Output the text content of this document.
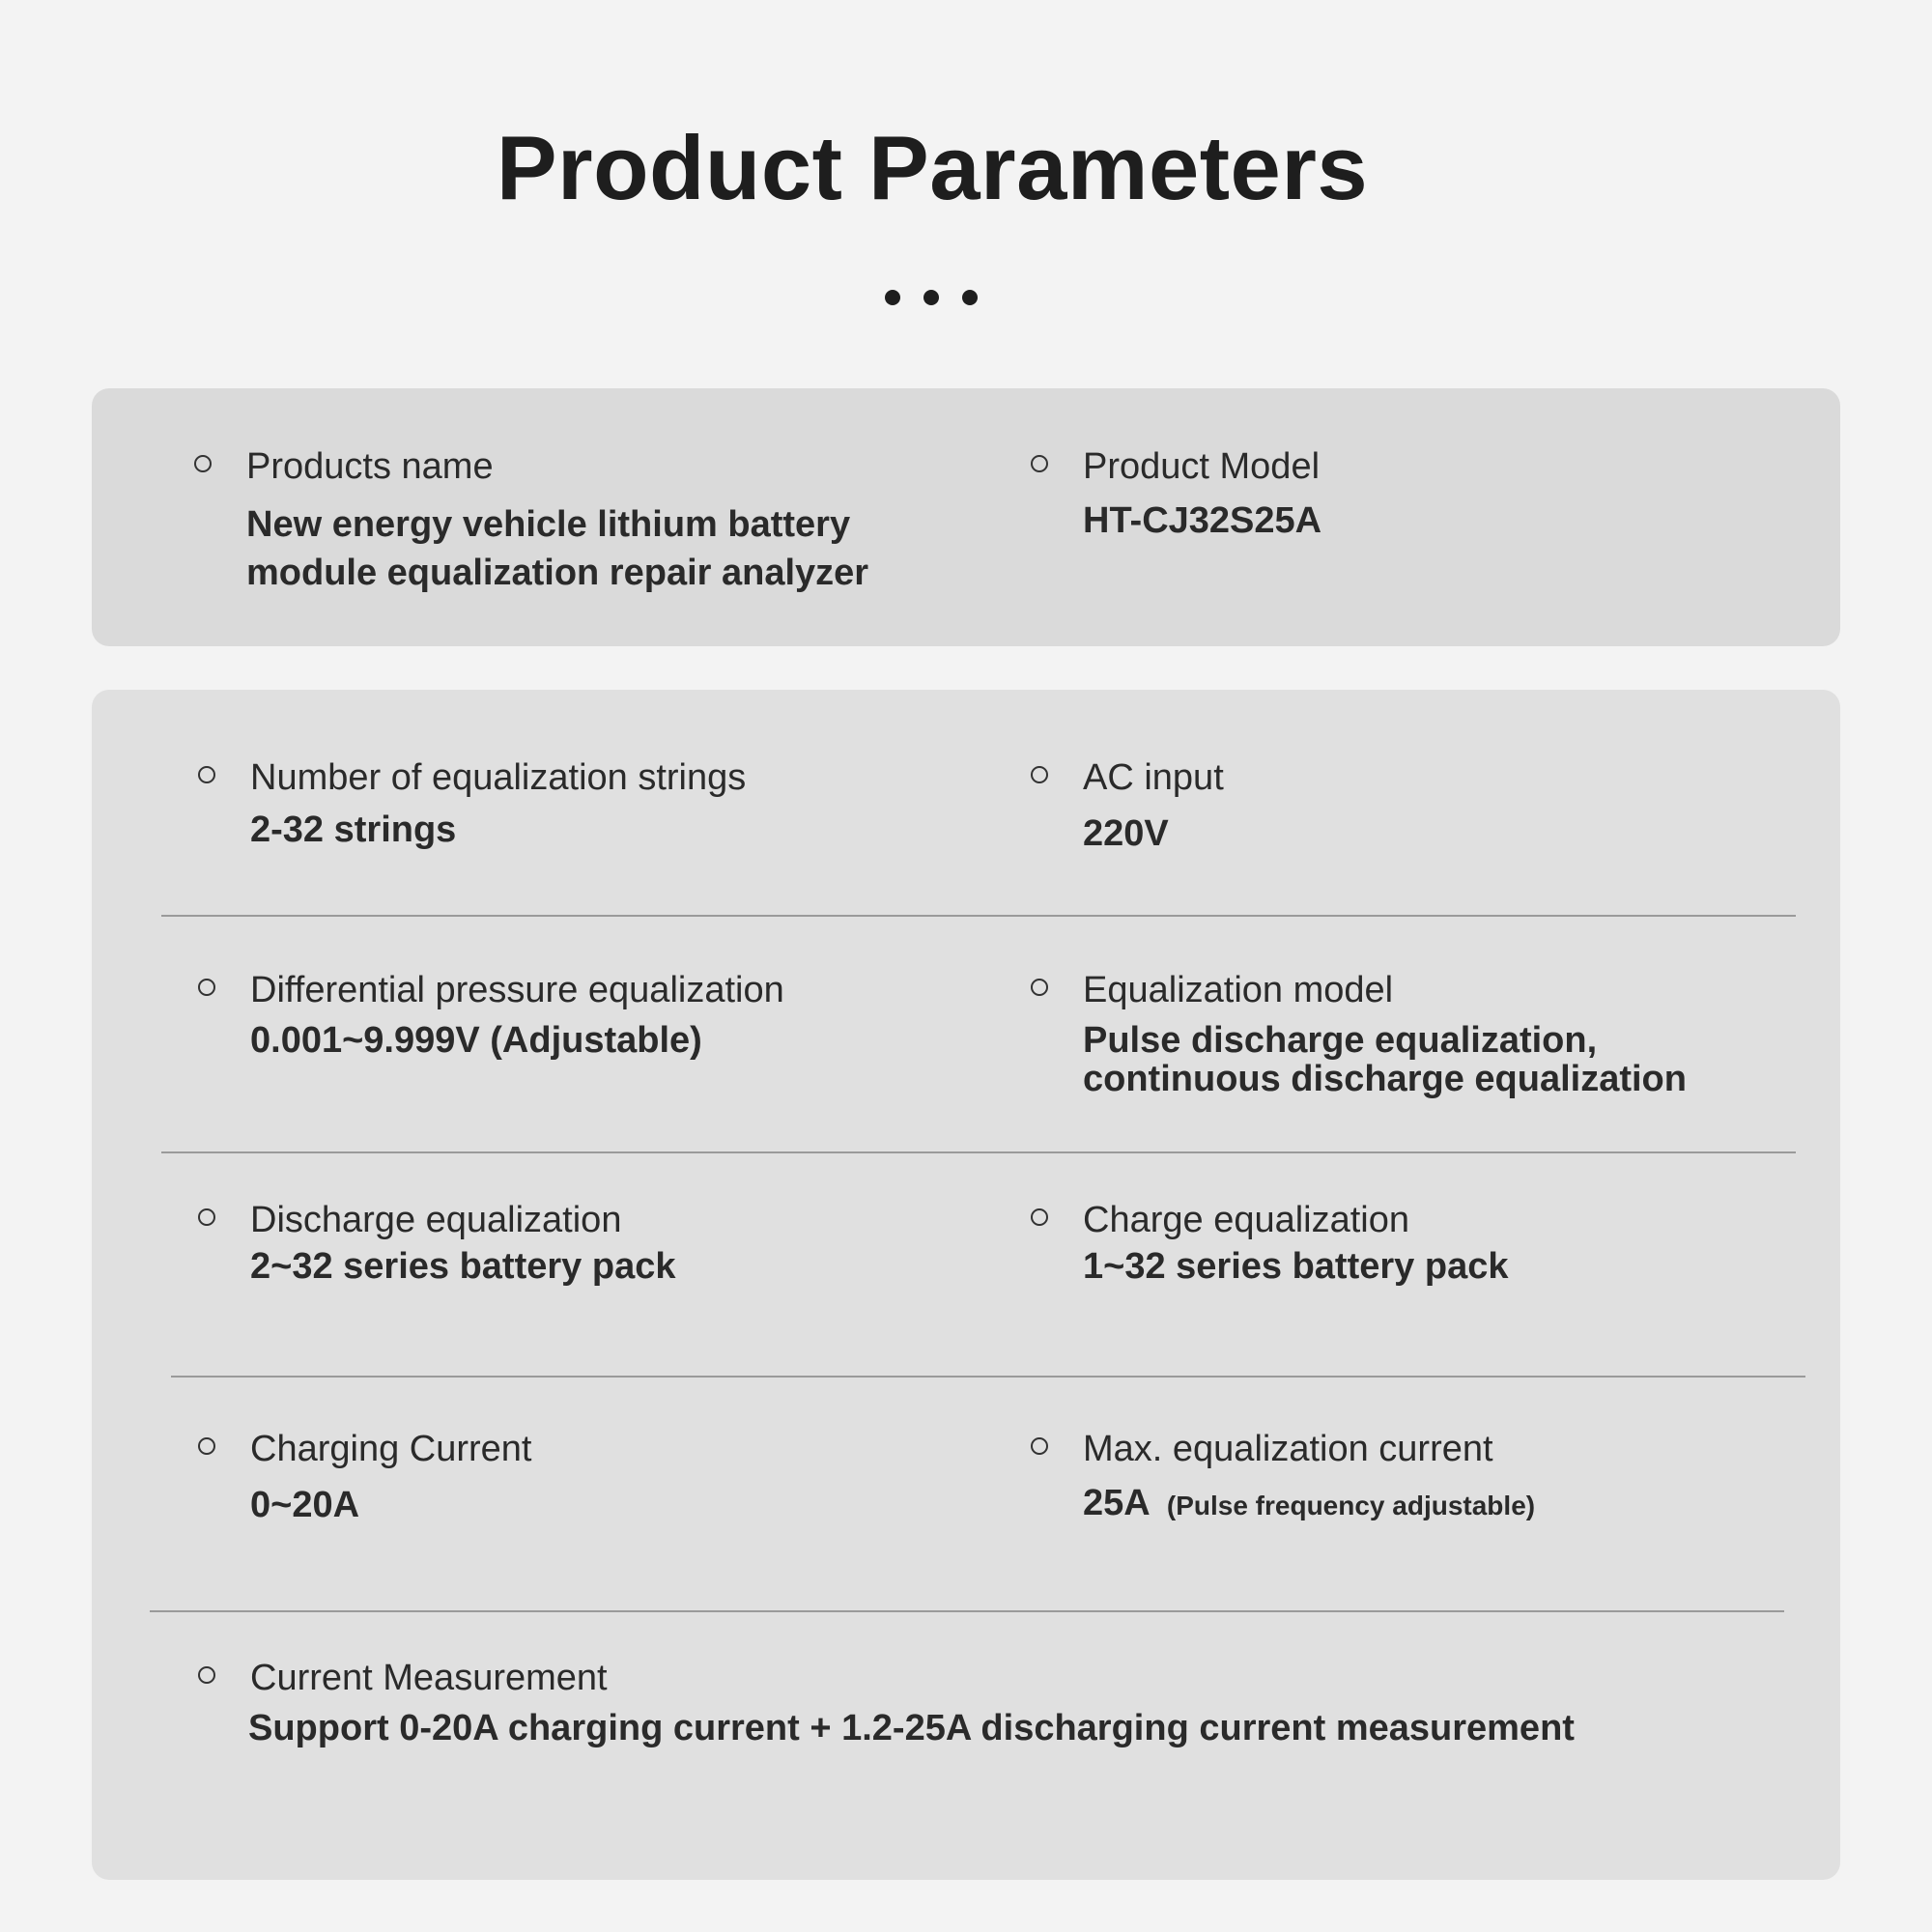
Product Parameters
Products name
New energy vehicle lithium battery
module equalization repair analyzer
Product Model
HT-CJ32S25A
Number of equalization strings
2-32 strings
AC input
220V
Differential pressure equalization
0.001~9.999V (Adjustable)
Equalization model
Pulse discharge equalization,
continuous discharge equalization
Discharge equalization
2~32 series battery pack
Charge equalization
1~32 series battery pack
Charging Current
0~20A
Max. equalization current
25A (Pulse frequency adjustable)
Current Measurement
Support 0-20A charging current + 1.2-25A discharging current measurement
